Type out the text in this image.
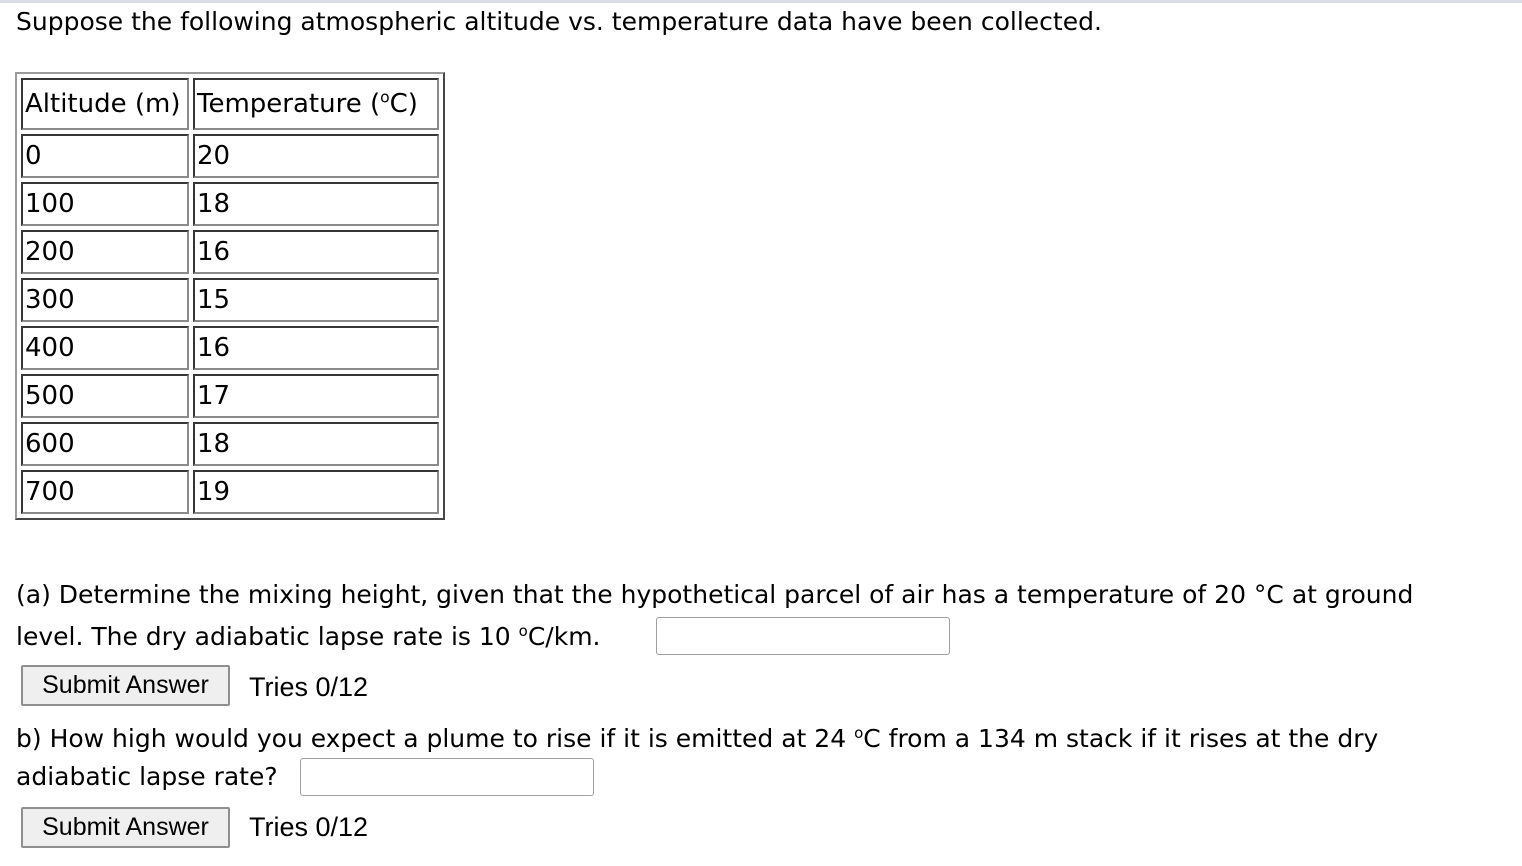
Suppose the following atmospheric altitude vs. temperature data have been collected.
Altitude (m)	Temperature ($^o$C)
0	20
100	18
200	16
300	15
400	16
500	17
600	18
700	19

(a) Determine the mixing height, given that the hypothetical parcel of air has a temperature of 20 °C at ground

level. The dry adiabatic lapse rate is 10 $^o$C/km.

Submit Answer	Tries 0/12

b) How high would you expect a plume to rise if it is emitted at 24 $^o$C from a 134 m stack if it rises at the dry

adiabatic lapse rate?

Submit Answer	Tries 0/12
